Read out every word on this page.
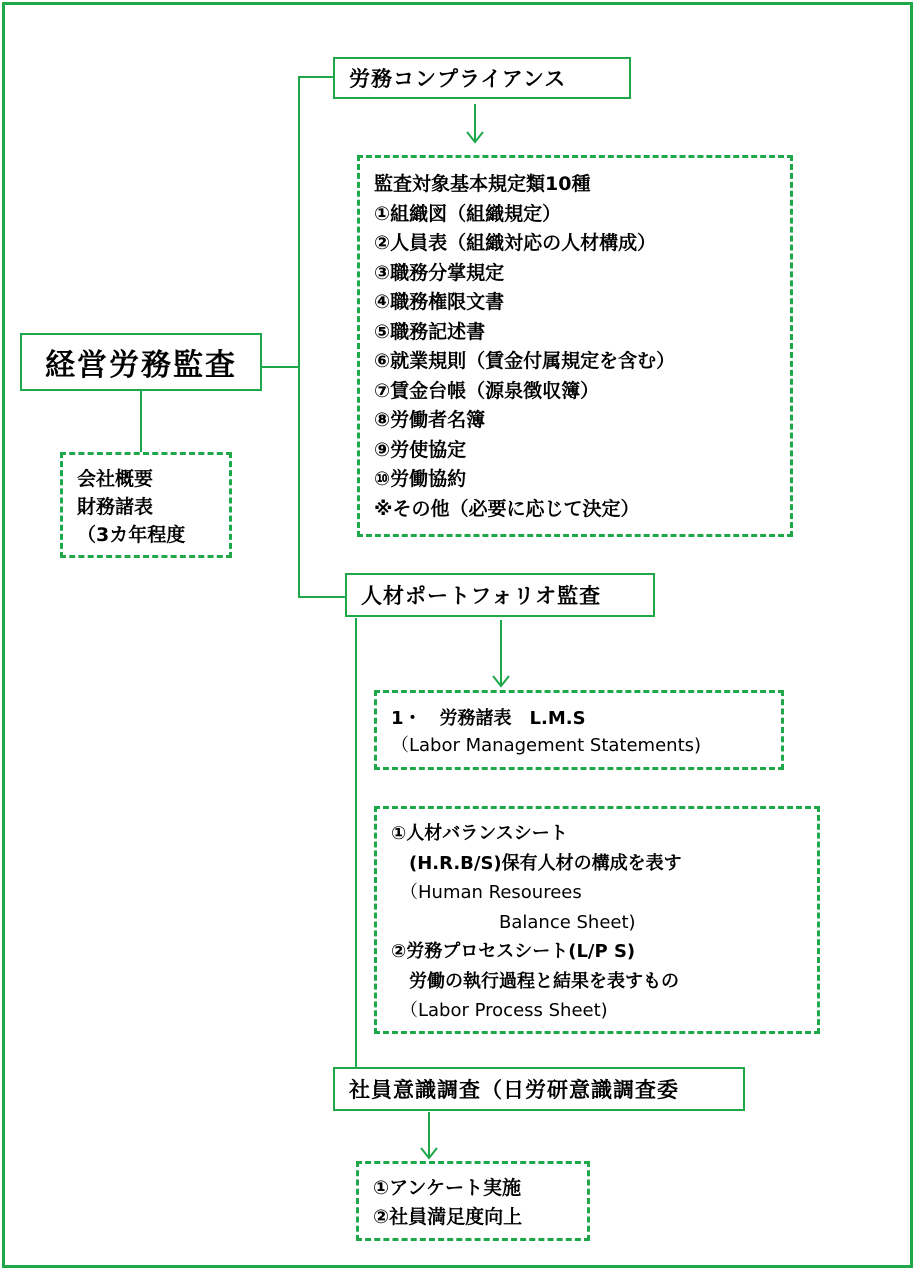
経営労務監査
会社概要
財務諸表
（3カ年程度
労務コンプライアンス
監査対象基本規定類10種
①組織図（組織規定）
②人員表（組織対応の人材構成）
③職務分掌規定
④職務権限文書
⑤職務記述書
⑥就業規則（賃金付属規定を含む）
⑦賃金台帳（源泉徴収簿）
⑧労働者名簿
⑨労使協定
⑩労働協約
※その他（必要に応じて決定）
人材ポートフォリオ監査
1・　労務諸表　L.M.S
（Labor Management Statements)
①人材バランスシート
　(H.R.B/S)保有人材の構成を表す
　（Human Resourees
　　　　　　Balance Sheet)
②労務プロセスシート(L/P S)
　労働の執行過程と結果を表すもの
　（Labor Process Sheet)
社員意識調査（日労研意識調査委
①アンケート実施
②社員満足度向上
